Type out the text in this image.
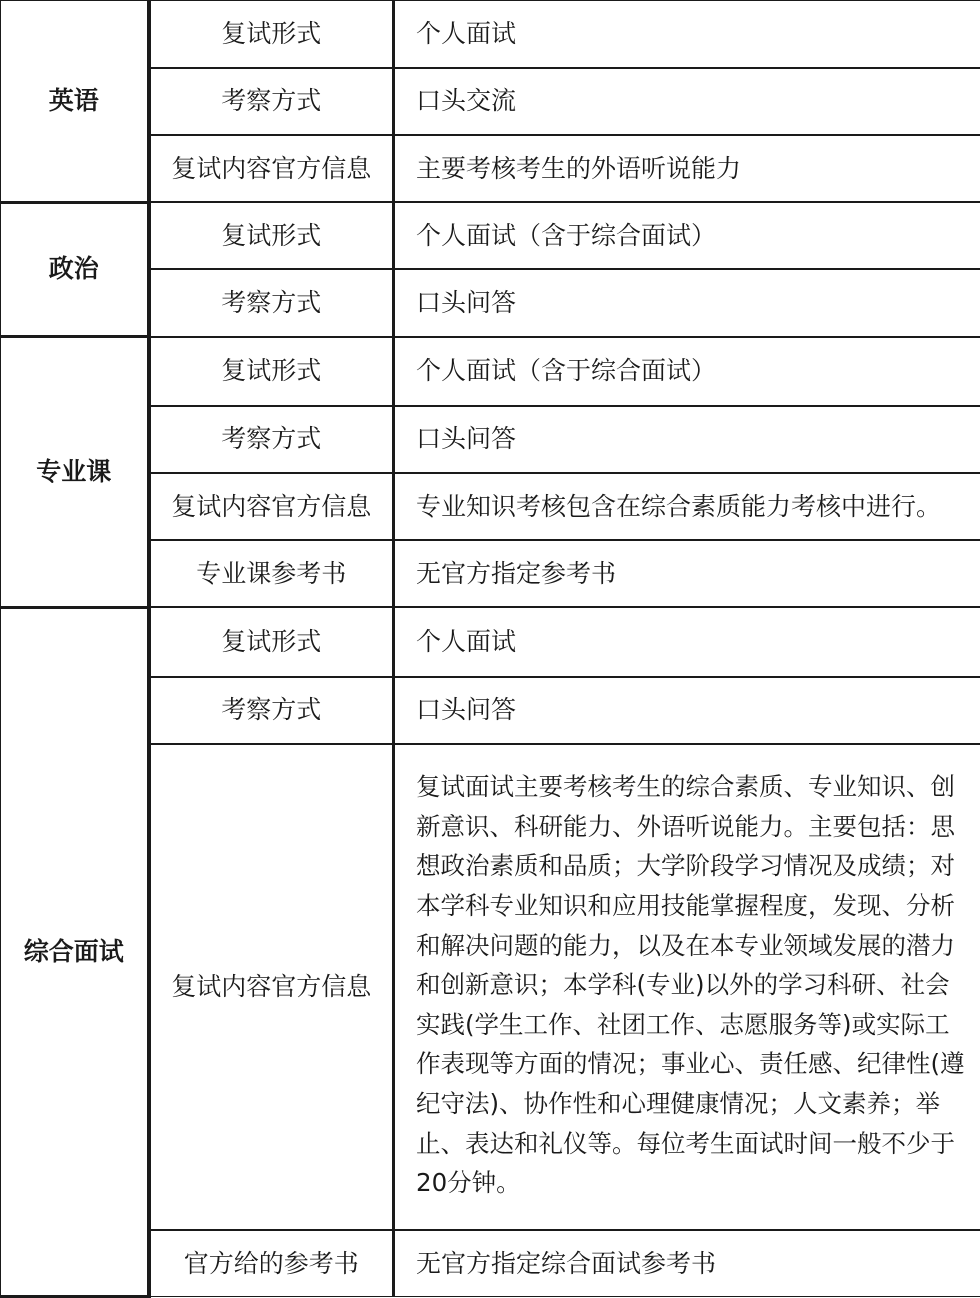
英语	复试形式	个人面试
	考察方式	口头交流
	复试内容官方信息	主要考核考生的外语听说能力
政治	复试形式	个人面试（含于综合面试）
	考察方式	口头问答
专业课	复试形式	个人面试（含于综合面试）
	考察方式	口头问答
	复试内容官方信息	专业知识考核包含在综合素质能力考核中进行。
	专业课参考书	无官方指定参考书
综合面试	复试形式	个人面试
	考察方式	口头问答
	复试内容官方信息	复试面试主要考核考生的综合素质、专业知识、创新意识、科研能力、外语听说能力。主要包括：思想政治素质和品质；大学阶段学习情况及成绩；对本学科专业知识和应用技能掌握程度，发现、分析和解决问题的能力，以及在本专业领域发展的潜力和创新意识；本学科(专业)以外的学习科研、社会实践(学生工作、社团工作、志愿服务等)或实际工作表现等方面的情况；事业心、责任感、纪律性(遵纪守法)、协作性和心理健康情况；人文素养；举止、表达和礼仪等。每位考生面试时间一般不少于20分钟。
	官方给的参考书	无官方指定综合面试参考书
